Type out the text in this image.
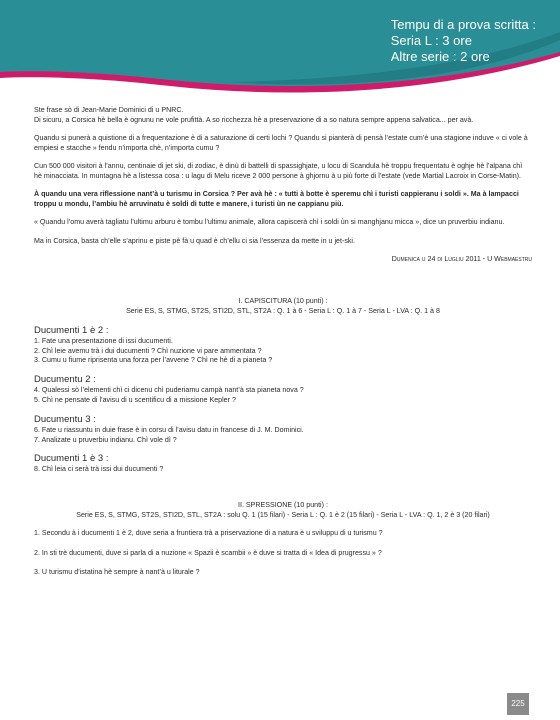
Tempu di a prova scritta :
Seria L : 3 ore
Altre serie : 2 ore

Ste frase sò di Jean-Marie Dominici di u PNRC.

Di sicuru, a Corsica hè bella è ognunu ne vole prufittà. A so ricchezza hè a preservazione di a so natura sempre appena salvatica... per avà.

Quandu si punerà a quistione di a frequentazione è di a saturazione di certi lochi ? Quandu si pianterà di pensà l’estate cum’è una stagione induve « ci vole à empiesi e stacche » fendu n’importa chè, n’importa cumu ?

Cun 500 000 visitori à l’annu, centinaie di jet ski, di zodiac, è dinù di battelli di spassighjate, u locu di Scandula hè troppu frequentatu è oghje hè l’alpana chì hè minacciata. In muntagna hè a listessa cosa : u lagu di Melu riceve 2 000 persone à ghjornu à u più forte di l’estate (vede Martial Lacroix in Corse-Matin).

À quandu una vera riflessione nant’à u turismu in Corsica ? Per avà hè : « tutti à botte è speremu chì i turisti cappieranu i soldi ». Ma à lampacci troppu u mondu, l’ambiu hè arruvinatu è soldi di tutte e manere, i turisti ùn ne cappianu più.

« Quandu l’omu averà tagliatu l’ultimu arburu è tombu l’ultimu animale, allora capiscerà chì i soldi ùn si manghjanu micca », dice un pruverbiu indianu.

Ma in Corsica, basta ch’elle s’aprinu e piste pè fà u quad è ch’ellu ci sia l’essenza da mette in u jet-ski.

Dumenica u 24 di Lugliu 2011 - U Webmaestru

I. CAPISCITURA (10 punti) :

Serie ES, S, STMG, ST2S, STI2D, STL, ST2A : Q. 1 à 6 - Seria L : Q. 1 à 7 - Seria L - LVA : Q. 1 à 8

Ducumenti 1 è 2 :

1. Fate una presentazione di issi ducumenti.

2. Chì leie avemu trà i dui ducumenti ? Chì nuzione vi pare ammentata ?

3. Cumu u fiume riprisenta una forza per l’avvene ? Chì ne hè di a pianeta ?

Ducumentu 2 :

4. Qualessi sò l’elementi chì ci dicenu chì puderiamu campà nant’à sta pianeta nova ?

5. Chì ne pensate di l’avisu di u scentificu di a missione Kepler ?

Ducumentu 3 :

6. Fate u riassuntu in duie frase è in corsu di l’avisu datu in francese di J. M. Dominici.

7. Analizate u pruverbiu indianu. Chì vole dì ?

Ducumenti 1 è 3 :

8. Chì leia ci serà trà issi dui ducumenti ?

II. SPRESSIONE (10 punti) :

Serie ES, S, STMG, ST2S, STI2D, STL, ST2A : solu Q. 1 (15 filari) - Seria L : Q. 1 è 2 (15 filari) - Seria L - LVA : Q. 1, 2 è 3 (20 filari)

1. Secondu à i ducumenti 1 è 2, duve seria a fruntiera trà a priservazione di a natura è u sviluppu di u turismu ?

2. In sti trè ducumenti, duve si parla di a nuzione « Spazii è scambii » è duve si tratta di « Idea di prugressu » ?

3. U turismu d’istatina hè sempre à nant’à u liturale ?

225
